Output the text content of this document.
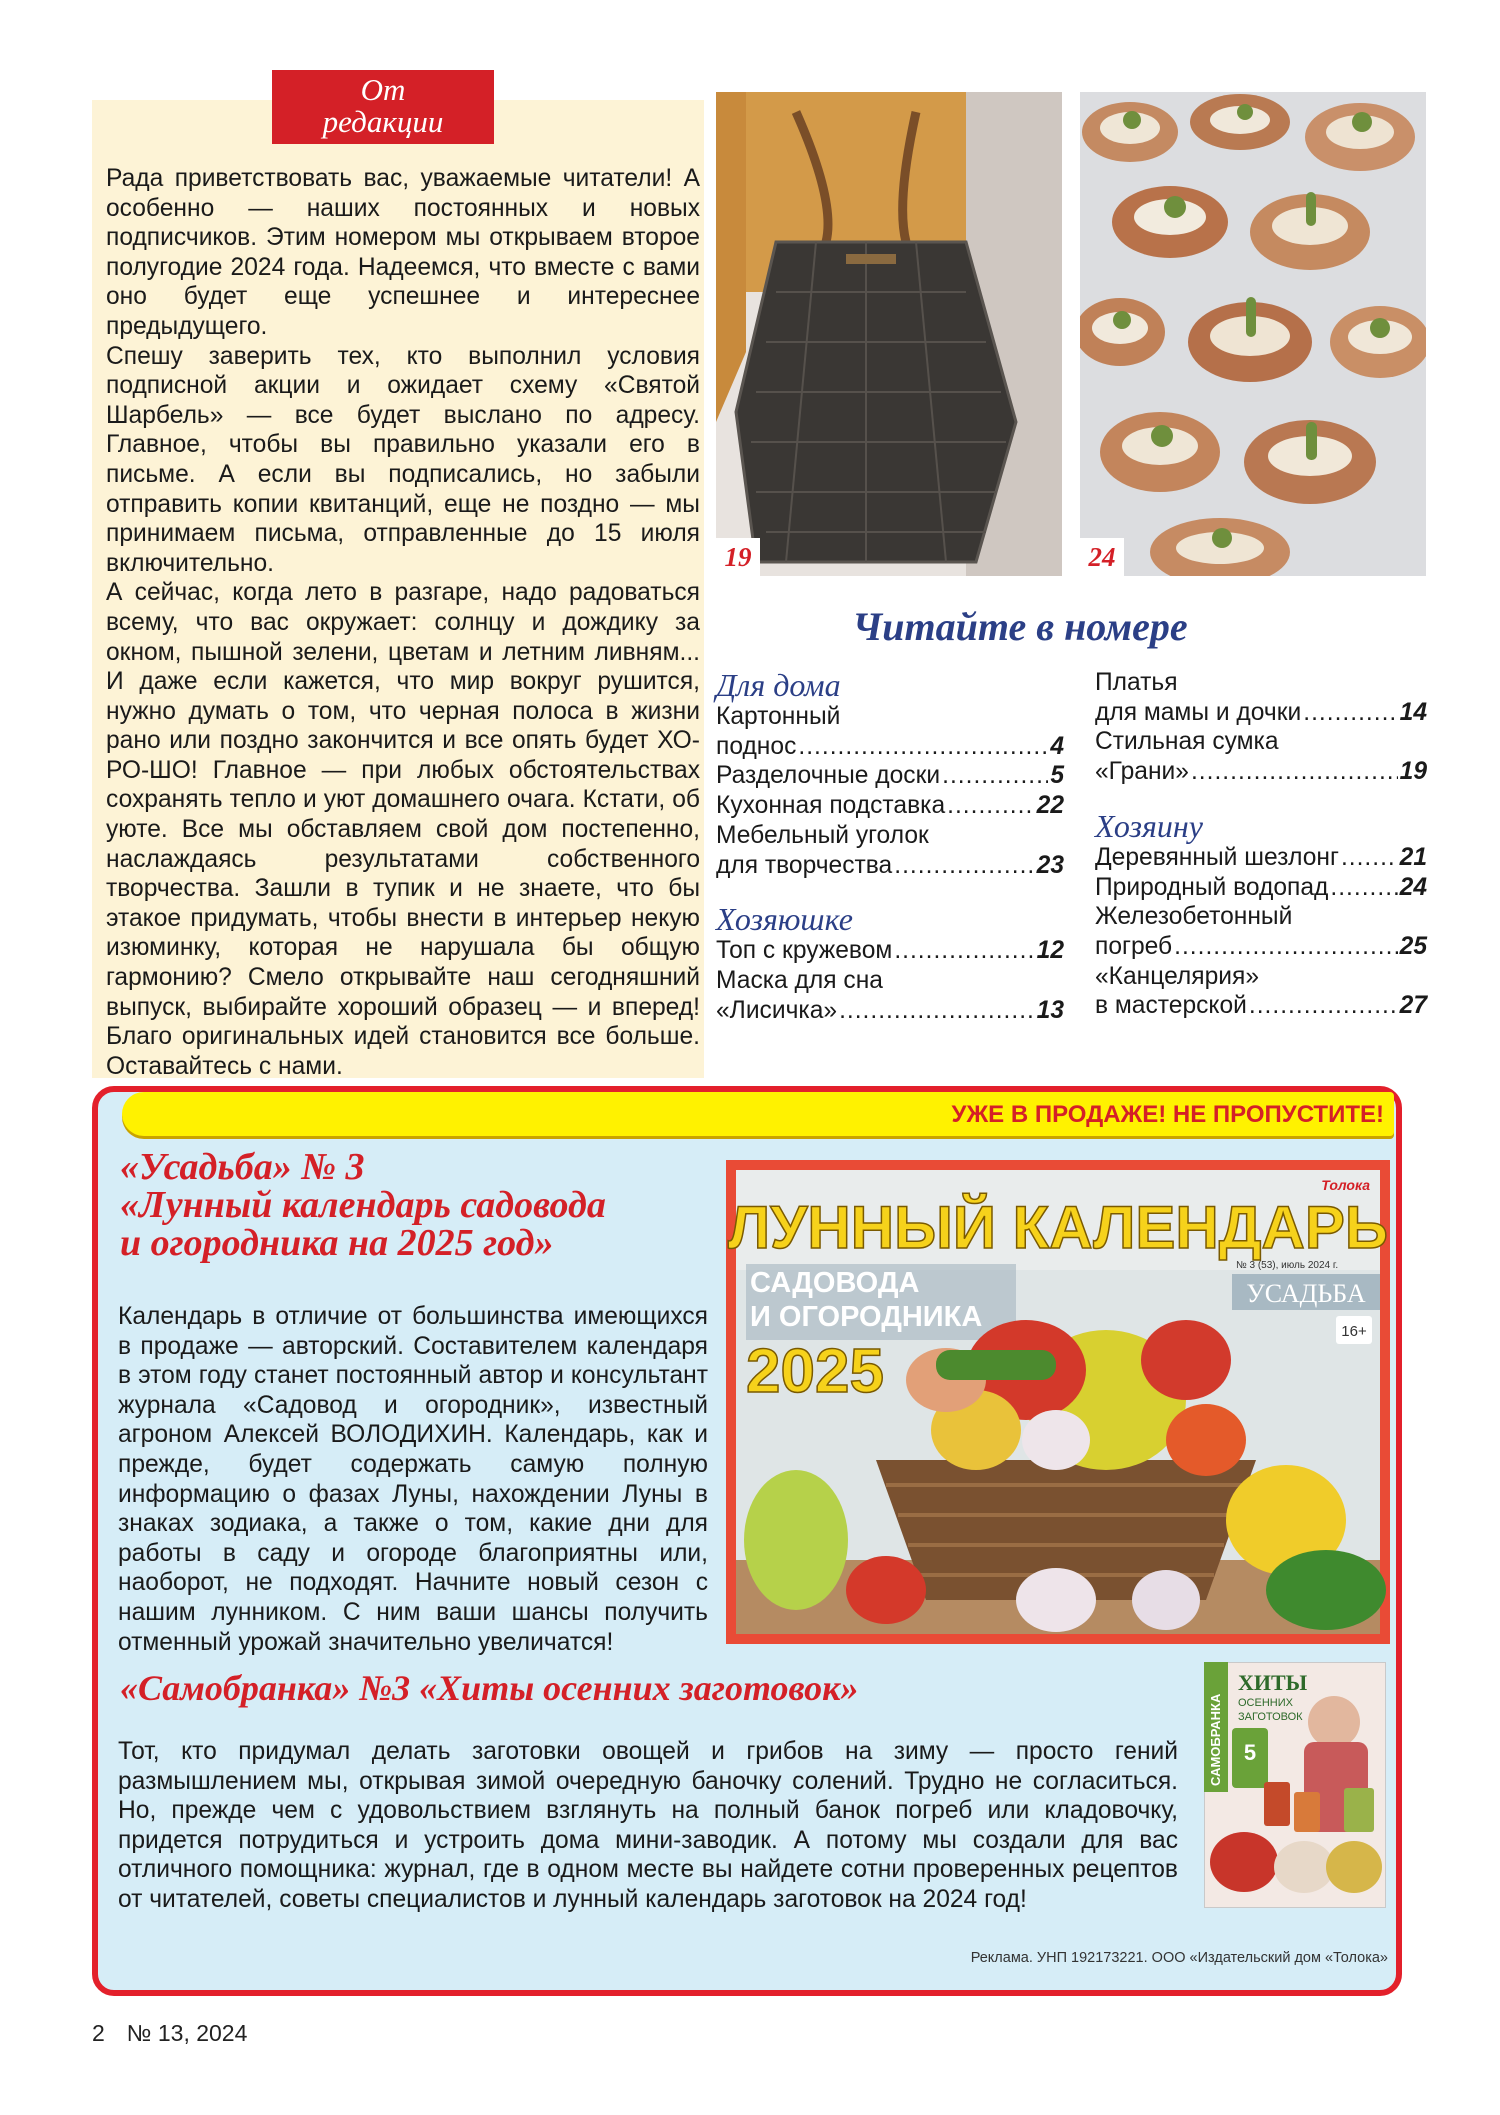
От
редакции

Рада приветствовать вас, уважаемые читатели! А особенно — наших постоянных и новых подписчиков. Этим номером мы открываем второе полугодие 2024 года. Надеемся, что вместе с вами оно будет еще успешнее и интереснее предыдущего.

Спешу заверить тех, кто выполнил условия подписной акции и ожидает схему «Святой Шарбель» — все будет выслано по адресу. Главное, чтобы вы правильно указали его в письме. А если вы подписались, но забыли отправить копии квитанций, еще не поздно — мы принимаем письма, отправленные до 15 июля включительно.

А сейчас, когда лето в разгаре, надо радоваться всему, что вас окружает: солнцу и дождику за окном, пышной зелени, цветам и летним ливням... И даже если кажется, что мир вокруг рушится, нужно думать о том, что черная полоса в жизни рано или поздно закончится и все опять будет ХО-РО-ШО! Главное — при любых обстоятельствах сохранять тепло и уют домашнего очага. Кстати, об уюте. Все мы обставляем свой дом постепенно, наслаждаясь результатами собственного творчества. Зашли в тупик и не знаете, что бы этакое придумать, чтобы внести в интерьер некую изюминку, которая не нарушала бы общую гармонию? Смело открывайте наш сегодняшний выпуск, выбирайте хороший образец — и вперед! Благо оригинальных идей становится все больше. Оставайтесь с нами.

19	24
Читайте в номере
Для дома
Картонный
поднос .....	4
Разделочные доски .....	5
Кухонная подставка .....	22
Мебельный уголок
для творчества .....	23
Хозяюшке
Топ с кружевом .....	12
Маска для сна
«Лисичка» .....	13
Платья
для мамы и дочки .....	14
Стильная сумка
«Грани» .....	19
Хозяину
Деревянный шезлонг ..... 21
Природный водопад .....	24
Железобетонный
погреб .....	25
«Канцелярия»
в мастерской .....	27
УЖЕ В ПРОДАЖЕ! НЕ ПРОПУСТИТЕ!
«Усадьба» № 3
«Лунный календарь садовода
и огородника на 2025 год»
Календарь в отличие от большинства имеющихся в продаже — авторский. Составителем календаря в этом году станет постоянный автор и консультант журнала «Садовод и огородник», известный агроном Алексей ВОЛОДИХИН. Календарь, как и прежде, будет содержать самую полную информацию о фазах Луны, нахождении Луны в знаках зодиака, а также о том, какие дни для работы в саду и огороде благоприятны или, наоборот, не подходят. Начните новый сезон с нашим лунником. С ним ваши шансы получить отменный урожай значительно увеличатся!
Толока
ЛУННЫЙ КАЛЕНДАРЬ
САДОВОДА
И ОГОРОДНИКА
2025
№ 3 (53), июль 2024 г.
УСАДЬБА
16+
«Самобранка» №3 «Хиты осенних заготовок»
Тот, кто придумал делать заготовки овощей и грибов на зиму — просто гений размышлением мы, открывая зимой очередную баночку солений. Трудно не согласиться. Но, прежде чем с удовольствием взглянуть на полный банок погреб или кладовочку, придется потрудиться и устроить дома мини-заводик. А потому мы создали для вас отличного помощника: журнал, где в одном месте вы найдете сотни проверенных рецептов от читателей, советы специалистов и лунный календарь заготовок на 2024 год!
САМОБРАНКА
ХИТЫ
ОСЕННИХ
ЗАГОТОВОК
5
Реклама. УНП 192173221. ООО «Издательский дом «Толока»
2 № 13, 2024
